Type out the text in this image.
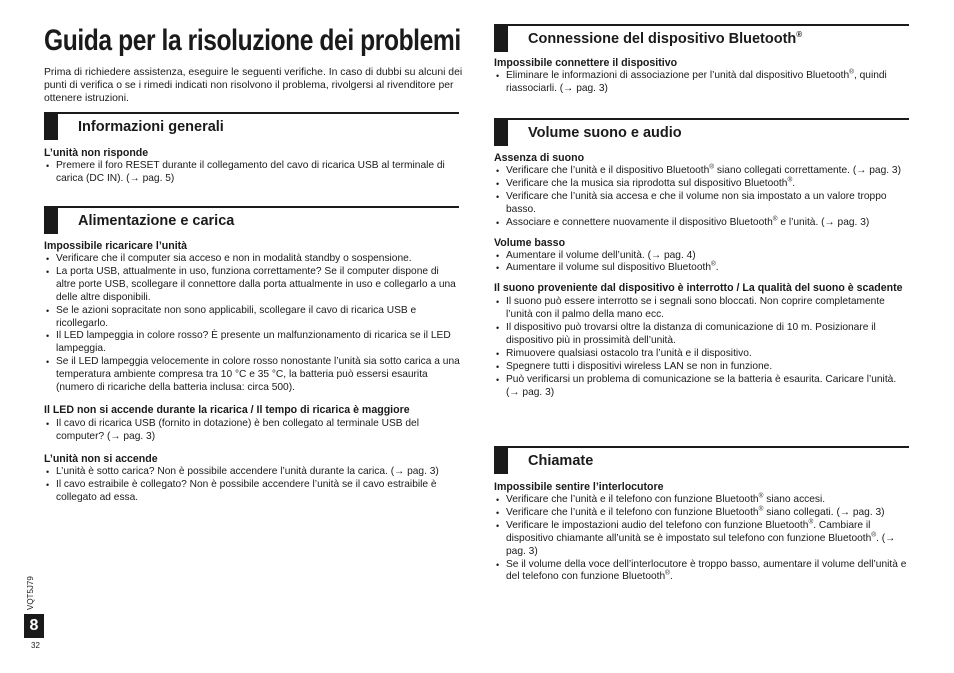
Guida per la risoluzione dei problemi
Prima di richiedere assistenza, eseguire le seguenti verifiche. In caso di dubbi su alcuni dei punti di verifica o se i rimedi indicati non risolvono il problema, rivolgersi al rivenditore per ottenere istruzioni.
Informazioni generali
L’unità non risponde
• Premere il foro RESET durante il collegamento del cavo di ricarica USB al terminale di carica (DC IN). (→ pag. 5)
Alimentazione e carica
Impossibile ricaricare l’unità
• Verificare che il computer sia acceso e non in modalità standby o sospensione.
• La porta USB, attualmente in uso, funziona correttamente? Se il computer dispone di altre porte USB, scollegare il connettore dalla porta attualmente in uso e collegarlo a una delle altre disponibili.
• Se le azioni sopracitate non sono applicabili, scollegare il cavo di ricarica USB e ricollegarlo.
• Il LED lampeggia in colore rosso? È presente un malfunzionamento di ricarica se il LED lampeggia.
• Se il LED lampeggia velocemente in colore rosso nonostante l’unità sia sotto carica a una temperatura ambiente compresa tra 10 °C e 35 °C, la batteria può essersi esaurita (numero di ricariche della batteria inclusa: circa 500).
Il LED non si accende durante la ricarica / Il tempo di ricarica è maggiore
• Il cavo di ricarica USB (fornito in dotazione) è ben collegato al terminale USB del computer? (→ pag. 3)
L’unità non si accende
• L’unità è sotto carica? Non è possibile accendere l’unità durante la carica. (→ pag. 3)
• Il cavo estraibile è collegato? Non è possibile accendere l’unità se il cavo estraibile è collegato ad essa.
Connessione del dispositivo Bluetooth®
Impossibile connettere il dispositivo
• Eliminare le informazioni di associazione per l’unità dal dispositivo Bluetooth®, quindi riassociarli. (→ pag. 3)
Volume suono e audio
Assenza di suono
• Verificare che l’unità e il dispositivo Bluetooth® siano collegati correttamente. (→ pag. 3)
• Verificare che la musica sia riprodotta sul dispositivo Bluetooth®.
• Verificare che l’unità sia accesa e che il volume non sia impostato a un valore troppo basso.
• Associare e connettere nuovamente il dispositivo Bluetooth® e l’unità. (→ pag. 3)
Volume basso
• Aumentare il volume dell’unità. (→ pag. 4)
• Aumentare il volume sul dispositivo Bluetooth®.
Il suono proveniente dal dispositivo è interrotto / La qualità del suono è scadente
• Il suono può essere interrotto se i segnali sono bloccati. Non coprire completamente l’unità con il palmo della mano ecc.
• Il dispositivo può trovarsi oltre la distanza di comunicazione di 10 m. Posizionare il dispositivo più in prossimità dell’unità.
• Rimuovere qualsiasi ostacolo tra l’unità e il dispositivo.
• Spegnere tutti i dispositivi wireless LAN se non in funzione.
• Può verificarsi un problema di comunicazione se la batteria è esaurita. Caricare l’unità. (→ pag. 3)
Chiamate
Impossibile sentire l’interlocutore
• Verificare che l’unità e il telefono con funzione Bluetooth® siano accesi.
• Verificare che l’unità e il telefono con funzione Bluetooth® siano collegati. (→ pag. 3)
• Verificare le impostazioni audio del telefono con funzione Bluetooth®. Cambiare il dispositivo chiamante all’unità se è impostato sul telefono con funzione Bluetooth®. (→ pag. 3)
• Se il volume della voce dell’interlocutore è troppo basso, aumentare il volume dell’unità e del telefono con funzione Bluetooth®.
VQT5J79
8
32
